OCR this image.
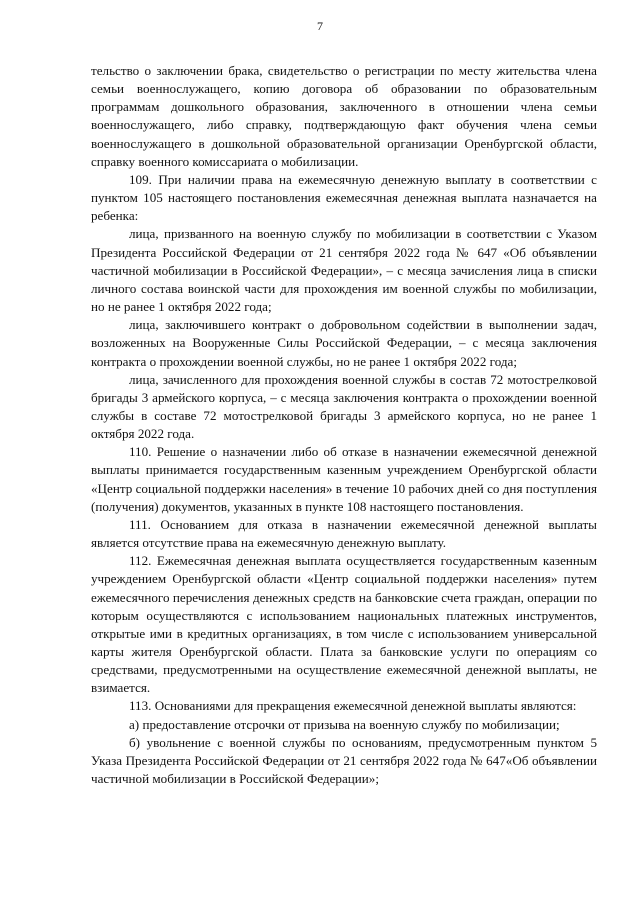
7

тельство о заключении брака, свидетельство о регистрации по месту жительства члена семьи военнослужащего, копию договора об образовании по образовательным программам дошкольного образования, заключенного в отношении члена семьи военнослужащего, либо справку, подтверждающую факт обучения члена семьи военнослужащего в дошкольной образовательной организации Оренбургской области, справку военного комиссариата о мобилизации.

109. При наличии права на ежемесячную денежную выплату в соответствии с пунктом 105 настоящего постановления ежемесячная денежная выплата назначается на ребенка:

лица, призванного на военную службу по мобилизации в соответствии с Указом Президента Российской Федерации от 21 сентября 2022 года № 647 «Об объявлении частичной мобилизации в Российской Федерации», – с месяца зачисления лица в списки личного состава воинской части для прохождения им военной службы по мобилизации, но не ранее 1 октября 2022 года;

лица, заключившего контракт о добровольном содействии в выполнении задач, возложенных на Вооруженные Силы Российской Федерации, – с месяца заключения контракта о прохождении военной службы, но не ранее 1 октября 2022 года;

лица, зачисленного для прохождения военной службы в состав 72 мотострелковой бригады 3 армейского корпуса, – с месяца заключения контракта о прохождении военной службы в составе 72 мотострелковой бригады 3 армейского корпуса, но не ранее 1 октября 2022 года.

110. Решение о назначении либо об отказе в назначении ежемесячной денежной выплаты принимается государственным казенным учреждением Оренбургской области «Центр социальной поддержки населения» в течение 10 рабочих дней со дня поступления (получения) документов, указанных в пункте 108 настоящего постановления.

111. Основанием для отказа в назначении ежемесячной денежной выплаты является отсутствие права на ежемесячную денежную выплату.

112. Ежемесячная денежная выплата осуществляется государственным казенным учреждением Оренбургской области «Центр социальной поддержки населения» путем ежемесячного перечисления денежных средств на банковские счета граждан, операции по которым осуществляются с использованием национальных платежных инструментов, открытые ими в кредитных организациях, в том числе с использованием универсальной карты жителя Оренбургской области. Плата за банковские услуги по операциям со средствами, предусмотренными на осуществление ежемесячной денежной выплаты, не взимается.

113. Основаниями для прекращения ежемесячной денежной выплаты являются:

а) предоставление отсрочки от призыва на военную службу по мобилизации;

б) увольнение с военной службы по основаниям, предусмотренным пунктом 5 Указа Президента Российской Федерации от 21 сентября 2022 года № 647«Об объявлении частичной мобилизации в Российской Федерации»;
